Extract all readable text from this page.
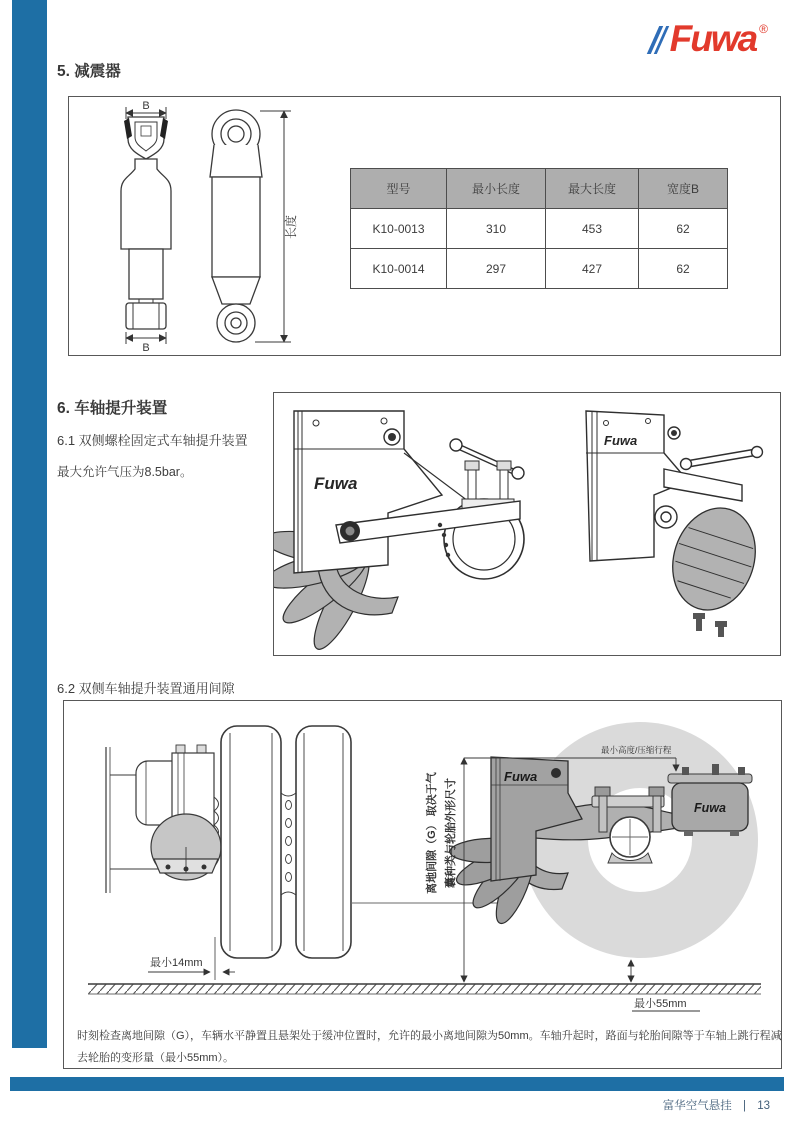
Fuwa ®
5. 减震器
B
B
长度
型号	最小长度	最大长度	宽度B
K10-0013	310	453	62
K10-0014	297	427	62
6. 车轴提升装置
6.1 双侧螺栓固定式车轴提升装置
最大允许气压为8.5bar。
Fuwa
Fuwa
6.2 双侧车轴提升装置通用间隙
Fuwa
Fuwa
最小14mm
最小55mm
最小高度/压缩行程
离地间隙（G） 取决于气 囊种类与轮胎外形尺寸
时刻检查离地间隙（G），车辆水平静置且悬架处于缓冲位置时，允许的最小离地间隙为50mm。车轴升起时，路面与轮胎间隙等于车轴上跳行程减
去轮胎的变形量（最小55mm）。
富华空气悬挂 | 13
